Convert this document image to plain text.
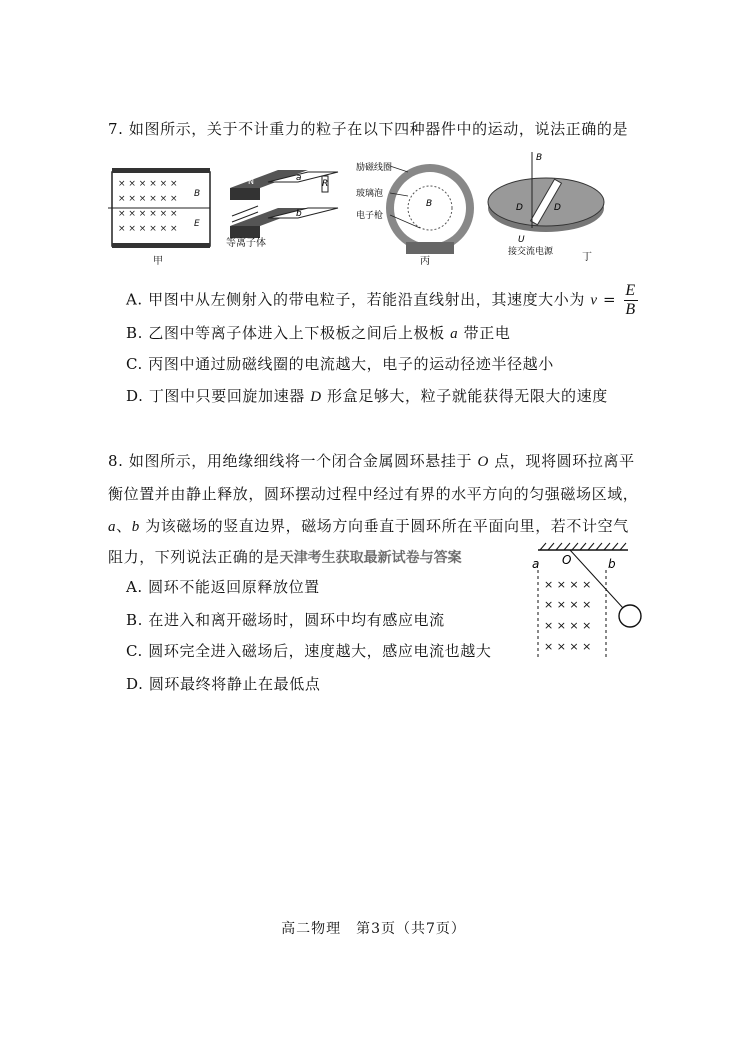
7. 如图所示，关于不计重力的粒子在以下四种器件中的运动，说法正确的是
× × × × × ×
× × × × × ×
× × × × × ×
× × × × × ×
B
E
甲
a
b
R
N
S
等离子体
B
励磁线圈
玻璃泡
电子枪
丙
B
D	D
U
接交流电源	丁
A. 甲图中从左侧射入的带电粒子，若能沿直线射出，其速度大小为 $v = \frac{E}{B}$
B. 乙图中等离子体进入上下极板之间后上极板 a 带正电
C. 丙图中通过励磁线圈的电流越大，电子的运动径迹半径越小
D. 丁图中只要回旋加速器 D 形盒足够大，粒子就能获得无限大的速度
8. 如图所示，用绝缘细线将一个闭合金属圆环悬挂于 O 点，现将圆环拉离平
衡位置并由静止释放，圆环摆动过程中经过有界的水平方向的匀强磁场区域，
a、b 为该磁场的竖直边界，磁场方向垂直于圆环所在平面向里，若不计空气
阻力，下列说法正确的是天津考生获取最新试卷与答案
A. 圆环不能返回原释放位置
B. 在进入和离开磁场时，圆环中均有感应电流
C. 圆环完全进入磁场后，速度越大，感应电流也越大
D. 圆环最终将静止在最低点
a	b
O
× × × ×
× × × ×
× × × ×
× × × ×
高二物理　第3页（共7页）
